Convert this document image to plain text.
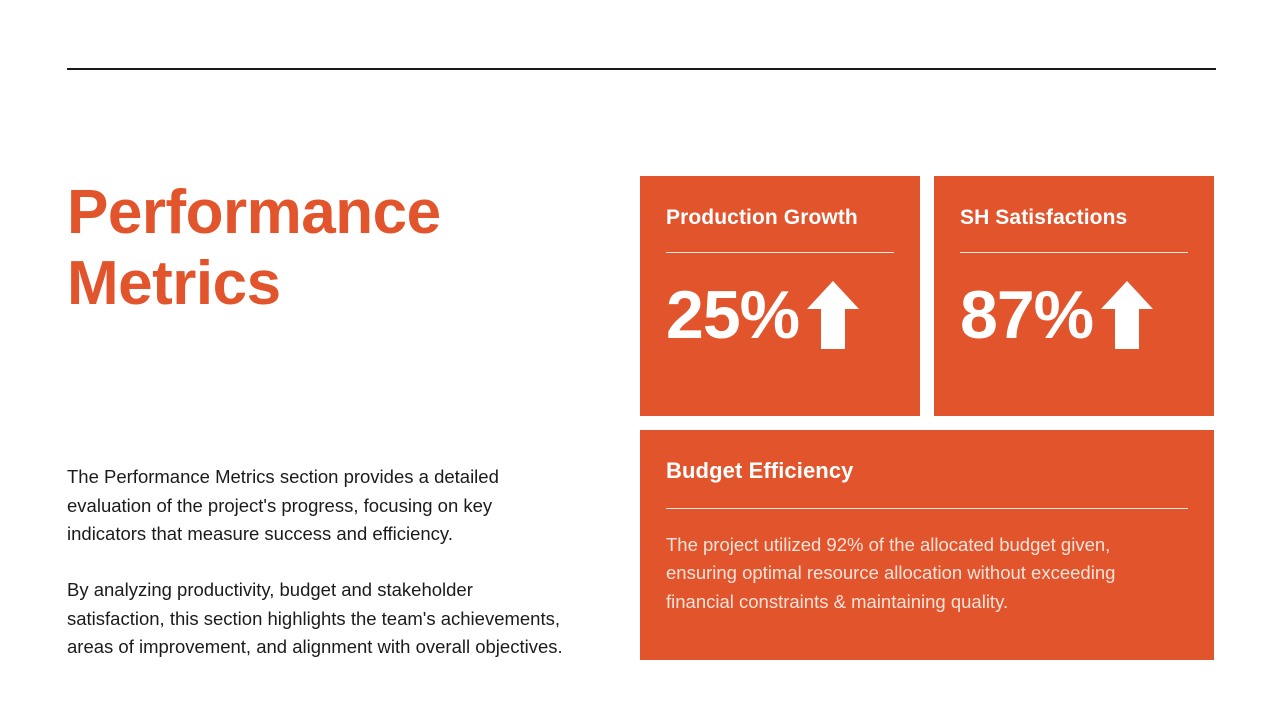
Performance Metrics

The Performance Metrics section provides a detailed evaluation of the project's progress, focusing on key indicators that measure success and efficiency.

By analyzing productivity, budget and stakeholder satisfaction, this section highlights the team's achievements, areas of improvement, and alignment with overall objectives.

Production Growth

25%

SH Satisfactions

87%

Budget Efficiency

The project utilized 92% of the allocated budget given, ensuring optimal resource allocation without exceeding financial constraints & maintaining quality.
